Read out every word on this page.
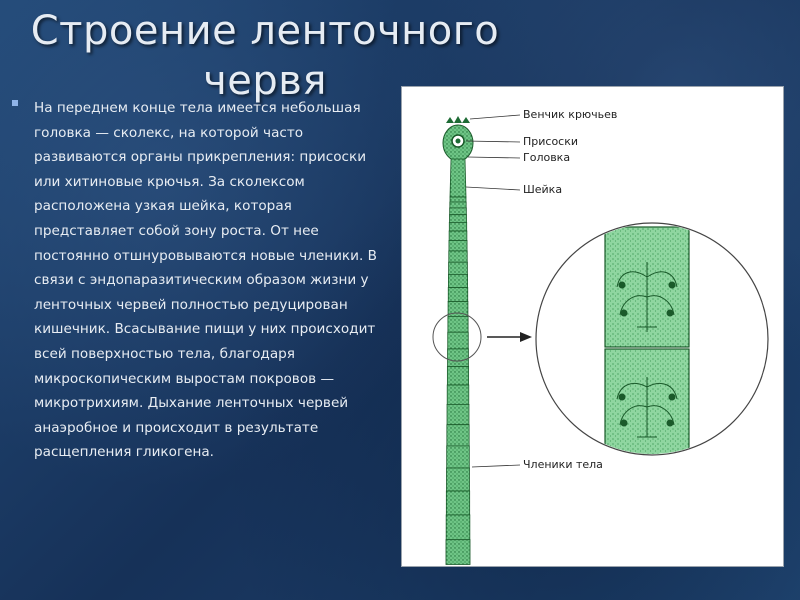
Строение ленточного червя
На переднем конце тела имеется небольшая головка — сколекс, на которой часто развиваются органы прикрепления: присоски или хитиновые крючья. За сколексом расположена узкая шейка, которая представляет собой зону роста. От нее постоянно отшнуровываются новые членики. В связи с эндопаразитическим образом жизни у ленточных червей полностью редуцирован кишечник. Всасывание пищи у них происходит всей поверхностью тела, благодаря микроскопическим выростам покровов — микротрихиям. Дыхание ленточных червей анаэробное и происходит в результате расщепления гликогена.
Венчик крючьев
Присоски
Головка
Шейка
Членики тела
